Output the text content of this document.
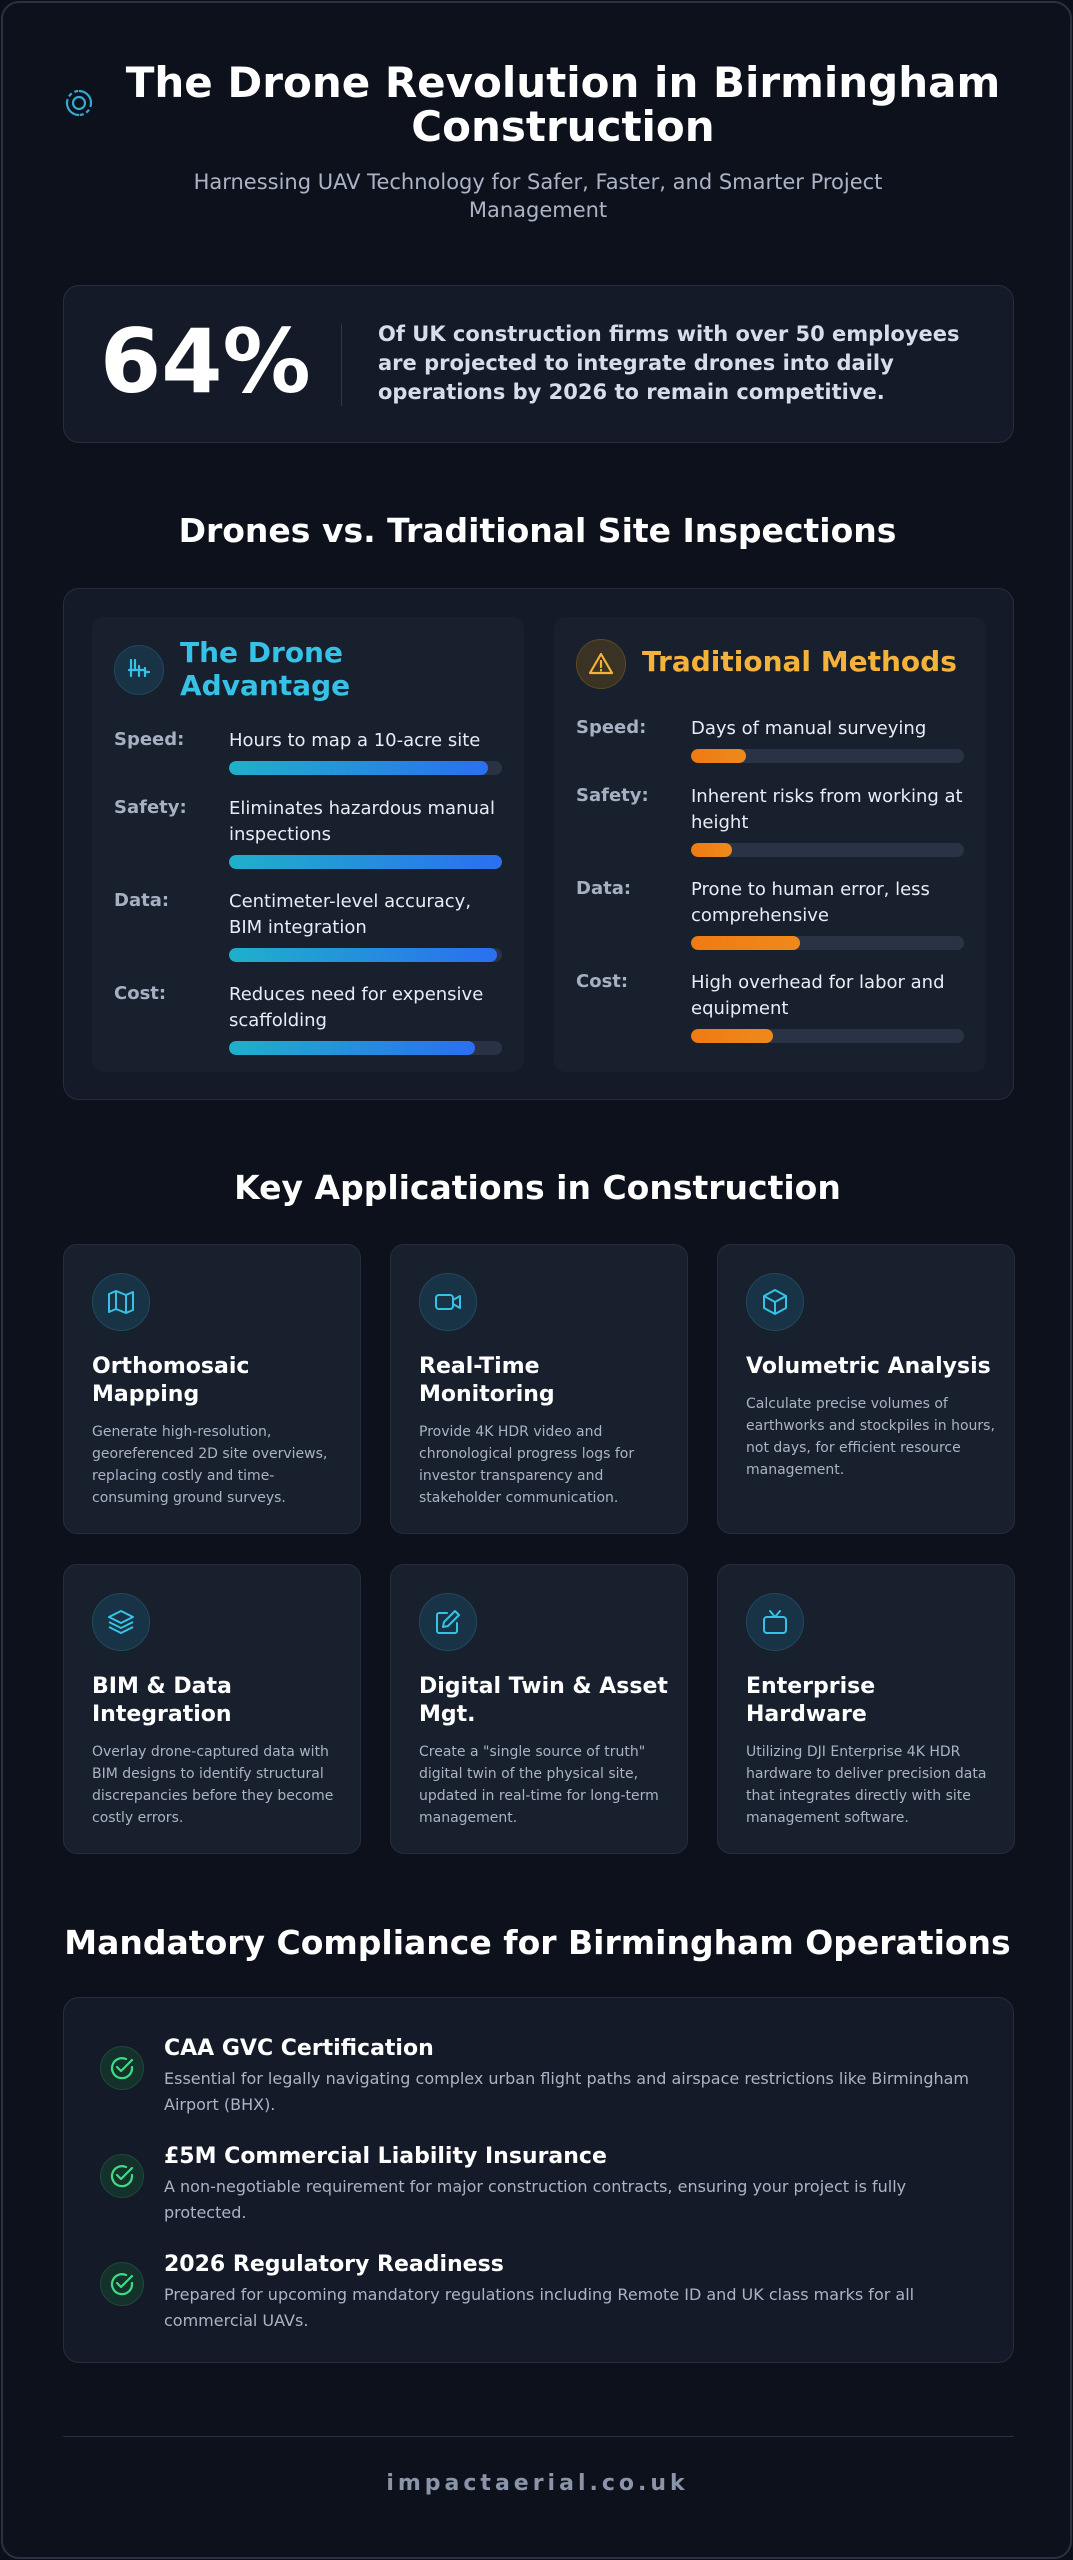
The Drone Revolution in Birmingham Construction

Harnessing UAV Technology for Safer, Faster, and Smarter Project Management

64%	Of UK construction firms with over 50 employees are projected to integrate drones into daily operations by 2026 to remain competitive.
Drones vs. Traditional Site Inspections
The Drone Advantage
Speed:	Hours to map a 10-acre site
Safety:	Eliminates hazardous manual inspections
Data:	Centimeter-level accuracy, BIM integration
Cost:	Reduces need for expensive scaffolding
Traditional Methods
Speed:	Days of manual surveying
Safety:	Inherent risks from working at height
Data:	Prone to human error, less comprehensive
Cost:	High overhead for labor and equipment
Key Applications in Construction
Orthomosaic Mapping
Generate high-resolution, georeferenced 2D site overviews, replacing costly and time-consuming ground surveys.
Real-Time Monitoring
Provide 4K HDR video and chronological progress logs for investor transparency and stakeholder communication.
Volumetric Analysis
Calculate precise volumes of earthworks and stockpiles in hours, not days, for efficient resource management.
BIM & Data Integration
Overlay drone-captured data with BIM designs to identify structural discrepancies before they become costly errors.
Digital Twin & Asset Mgt.
Create a "single source of truth" digital twin of the physical site, updated in real-time for long-term management.
Enterprise Hardware
Utilizing DJI Enterprise 4K HDR hardware to deliver precision data that integrates directly with site management software.
Mandatory Compliance for Birmingham Operations
CAA GVC Certification
Essential for legally navigating complex urban flight paths and airspace restrictions like Birmingham Airport (BHX).
£5M Commercial Liability Insurance
A non-negotiable requirement for major construction contracts, ensuring your project is fully protected.
2026 Regulatory Readiness
Prepared for upcoming mandatory regulations including Remote ID and UK class marks for all commercial UAVs.
impactaerial.co.uk
